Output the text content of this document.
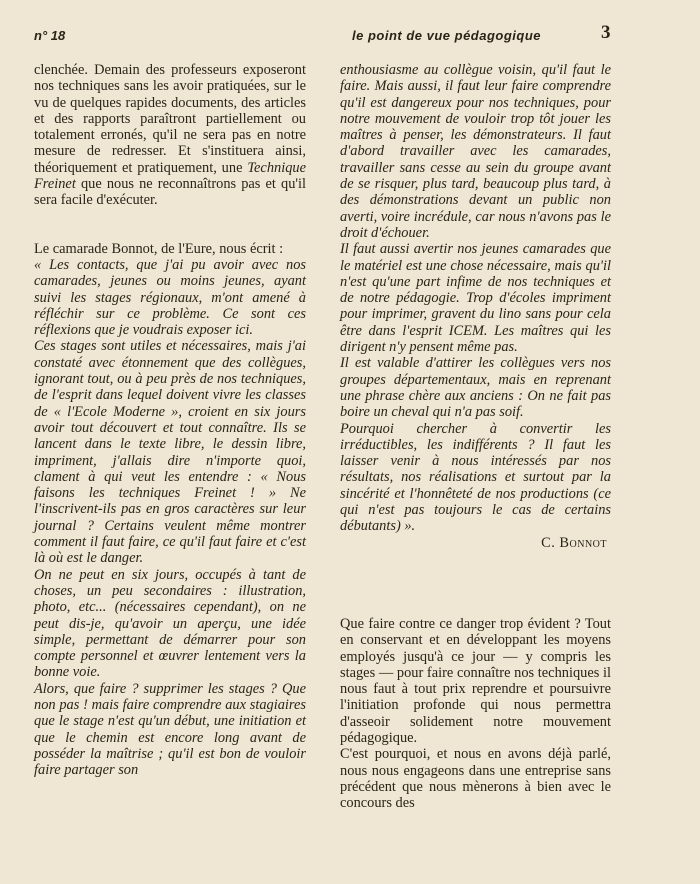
n° 18	le point de vue pédagogique	3

clenchée. Demain des professeurs exposeront nos techniques sans les avoir pratiquées, sur le vu de quelques rapides documents, des articles et des rapports paraîtront partiellement ou totalement erronés, qu'il ne sera pas en notre mesure de redresser. Et s'instituera ainsi, théoriquement et pratiquement, une Technique Freinet que nous ne reconnaîtrons pas et qu'il sera facile d'exécuter.

Le camarade Bonnot, de l'Eure, nous écrit :

« Les contacts, que j'ai pu avoir avec nos camarades, jeunes ou moins jeunes, ayant suivi les stages régionaux, m'ont amené à réfléchir sur ce problème. Ce sont ces réflexions que je voudrais exposer ici.

Ces stages sont utiles et nécessaires, mais j'ai constaté avec étonnement que des collègues, ignorant tout, ou à peu près de nos techniques, de l'esprit dans lequel doivent vivre les classes de « l'Ecole Moderne », croient en six jours avoir tout découvert et tout connaître. Ils se lancent dans le texte libre, le dessin libre, impriment, j'allais dire n'importe quoi, clament à qui veut les entendre : « Nous faisons les techniques Freinet ! » Ne l'inscrivent-ils pas en gros caractères sur leur journal ? Certains veulent même montrer comment il faut faire, ce qu'il faut faire et c'est là où est le danger.

On ne peut en six jours, occupés à tant de choses, un peu secondaires : illustration, photo, etc... (nécessaires cependant), on ne peut dis-je, qu'avoir un aperçu, une idée simple, permettant de démarrer pour son compte personnel et œuvrer lentement vers la bonne voie.

Alors, que faire ? supprimer les stages ? Que non pas ! mais faire comprendre aux stagiaires que le stage n'est qu'un début, une initiation et que le chemin est encore long avant de posséder la maîtrise ; qu'il est bon de vouloir faire partager son

enthousiasme au collègue voisin, qu'il faut le faire. Mais aussi, il faut leur faire comprendre qu'il est dangereux pour nos techniques, pour notre mouvement de vouloir trop tôt jouer les maîtres à penser, les démonstrateurs. Il faut d'abord travailler avec les camarades, travailler sans cesse au sein du groupe avant de se risquer, plus tard, beaucoup plus tard, à des démonstrations devant un public non averti, voire incrédule, car nous n'avons pas le droit d'échouer.

Il faut aussi avertir nos jeunes camarades que le matériel est une chose nécessaire, mais qu'il n'est qu'une part infime de nos techniques et de notre pédagogie. Trop d'écoles impriment pour imprimer, gravent du lino sans pour cela être dans l'esprit ICEM. Les maîtres qui les dirigent n'y pensent même pas.

Il est valable d'attirer les collègues vers nos groupes départementaux, mais en reprenant une phrase chère aux anciens : On ne fait pas boire un cheval qui n'a pas soif.

Pourquoi chercher à convertir les irréductibles, les indifférents ? Il faut les laisser venir à nous intéressés par nos résultats, nos réalisations et surtout par la sincérité et l'honnêteté de nos productions (ce qui n'est pas toujours le cas de certains débutants) ».

C. Bonnot

Que faire contre ce danger trop évident ? Tout en conservant et en développant les moyens employés jusqu'à ce jour — y compris les stages — pour faire connaître nos techniques il nous faut à tout prix reprendre et poursuivre l'initiation profonde qui nous permettra d'asseoir solidement notre mouvement pédagogique.

C'est pourquoi, et nous en avons déjà parlé, nous nous engageons dans une entreprise sans précédent que nous mènerons à bien avec le concours des
